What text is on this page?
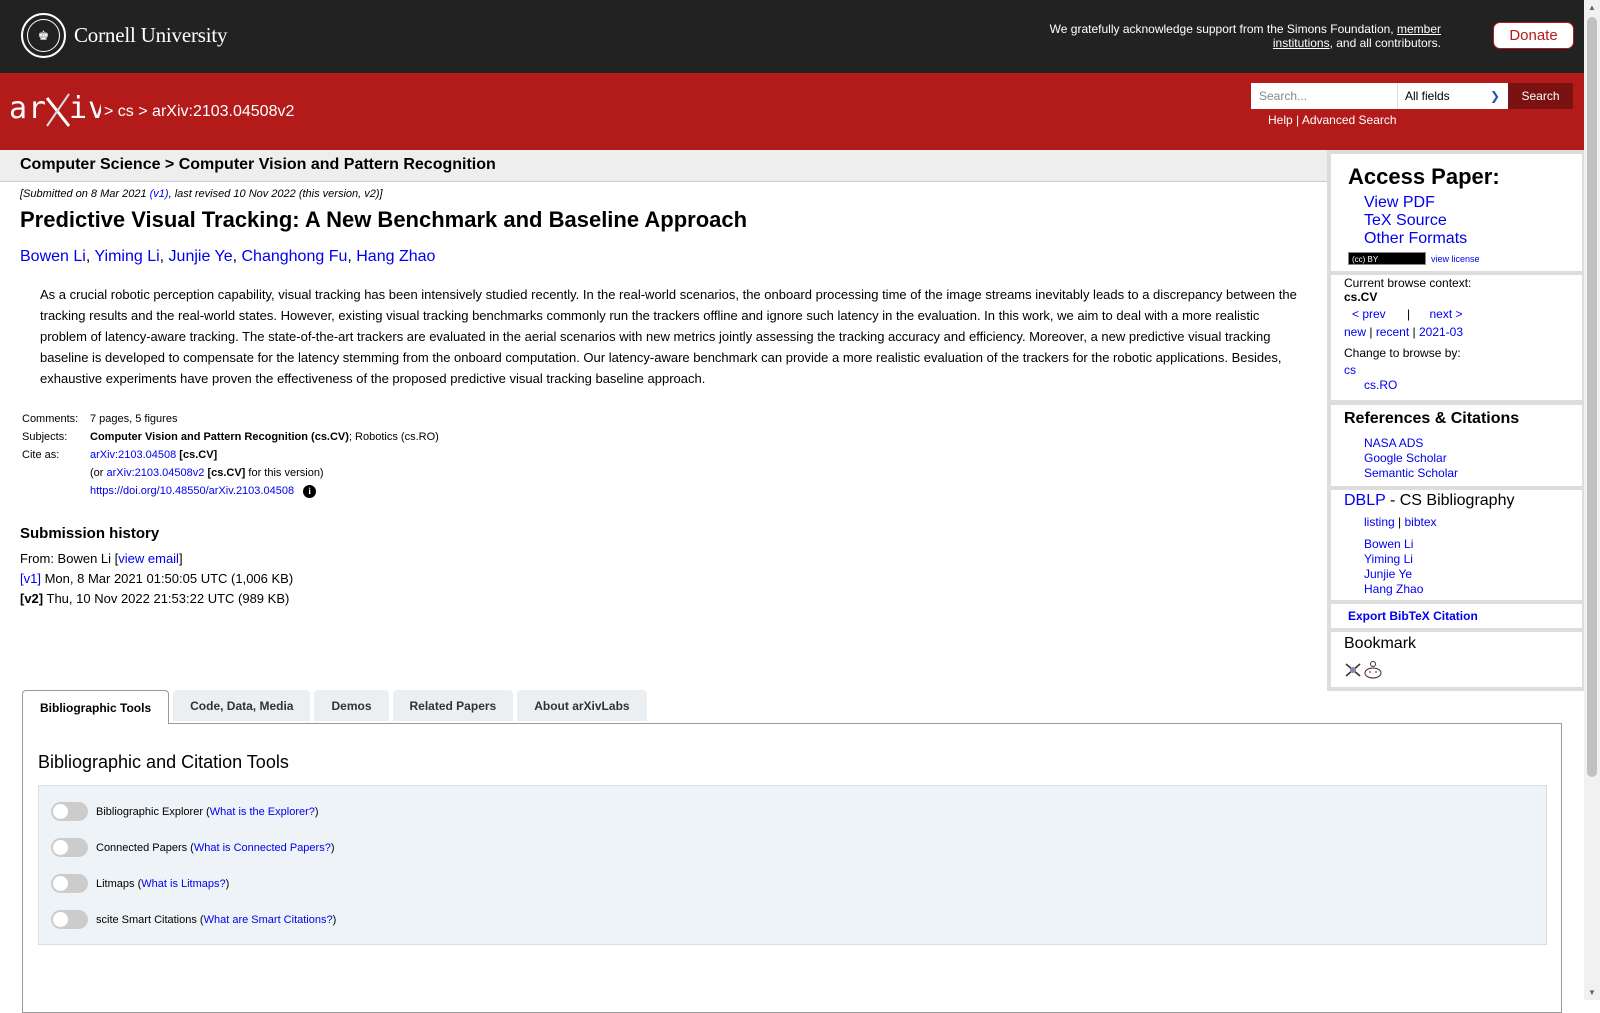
♚	Cornell University	We gratefully acknowledge support from the Simons Foundation, member institutions, and all contributors.	Donate
ar iv
> cs > arXiv:2103.04508v2
Search...	All fields	❯	Search
Help | Advanced Search
Computer Science > Computer Vision and Pattern Recognition
[Submitted on 8 Mar 2021 (v1), last revised 10 Nov 2022 (this version, v2)]
Predictive Visual Tracking: A New Benchmark and Baseline Approach
Bowen Li, Yiming Li, Junjie Ye, Changhong Fu, Hang Zhao
As a crucial robotic perception capability, visual tracking has been intensively studied recently. In the real-world scenarios, the onboard processing time of the image streams inevitably leads to a discrepancy between the tracking results and the real-world states. However, existing visual tracking benchmarks commonly run the trackers offline and ignore such latency in the evaluation. In this work, we aim to deal with a more realistic problem of latency-aware tracking. The state-of-the-art trackers are evaluated in the aerial scenarios with new metrics jointly assessing the tracking accuracy and efficiency. Moreover, a new predictive visual tracking baseline is developed to compensate for the latency stemming from the onboard computation. Our latency-aware benchmark can provide a more realistic evaluation of the trackers for the robotic applications. Besides, exhaustive experiments have proven the effectiveness of the proposed predictive visual tracking baseline approach.
Comments:	7 pages, 5 figures
Subjects:	Computer Vision and Pattern Recognition (cs.CV); Robotics (cs.RO)
Cite as:	arXiv:2103.04508 [cs.CV]

(or arXiv:2103.04508v2 [cs.CV] for this version)
https://doi.org/10.48550/arXiv.2103.04508 i
Submission history
From: Bowen Li [view email]
[v1] Mon, 8 Mar 2021 01:50:05 UTC (1,006 KB)
[v2] Thu, 10 Nov 2022 21:53:22 UTC (989 KB)
Access Paper:
View PDF
TeX Source
Other Formats
(cc) BY	view license
Current browse context:
cs.CV
< prev | next >
new | recent | 2021-03
Change to browse by:
cs
cs.RO
References & Citations
NASA ADS
Google Scholar
Semantic Scholar
DBLP - CS Bibliography
listing | bibtex
Bowen Li
Yiming Li
Junjie Ye
Hang Zhao
Export BibTeX Citation
Bookmark
Bibliographic Tools	Code, Data, Media	Demos	Related Papers	About arXivLabs
Bibliographic and Citation Tools
Bibliographic Explorer ( What is the Explorer? )
Connected Papers ( What is Connected Papers? )
Litmaps ( What is Litmaps? )
scite Smart Citations ( What are Smart Citations? )
▲
▼
